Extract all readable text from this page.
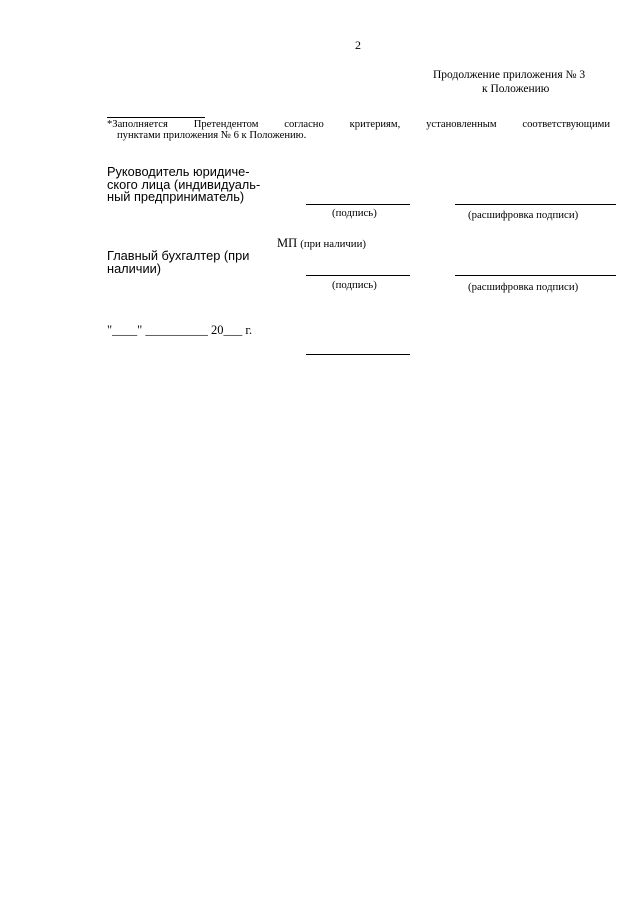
2
Продолжение приложения № 3
к Положению
*Заполняется Претендентом согласно критериям, установленным соответствующими
пунктами приложения № 6 к Положению.
Руководитель юридиче-
ского лица (индивидуаль-
ный предприниматель)
(подпись)	(расшифровка подписи)
МП (при наличии)
Главный бухгалтер (при
наличии)
(подпись)	(расшифровка подписи)
"____" __________ 20___ г.
